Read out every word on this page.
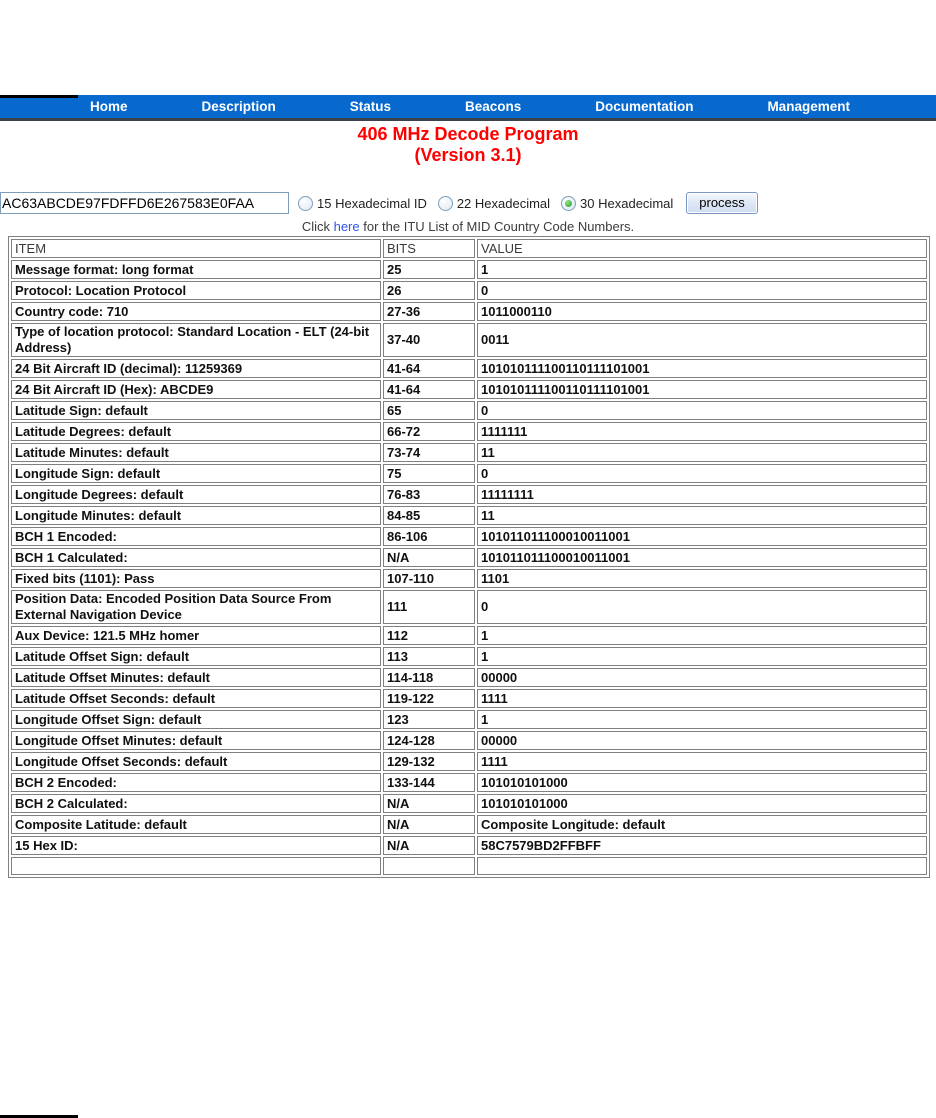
Home	Description	Status	Beacons	Documentation	Management
406 MHz Decode Program
(Version 3.1)
AC63ABCDE97FDFFD6E267583E0FAA
15 Hexadecimal ID 22 Hexadecimal 30 Hexadecimal	process
Click here for the ITU List of MID Country Code Numbers.
ITEM	BITS	VALUE
Message format: long format	25	1
Protocol: Location Protocol	26	0
Country code: 710	27-36	1011000110
Type of location protocol: Standard Location - ELT (24-bit Address)	37-40	0011
24 Bit Aircraft ID (decimal): 11259369	41-64	101010111100110111101001
24 Bit Aircraft ID (Hex): ABCDE9	41-64	101010111100110111101001
Latitude Sign: default	65	0
Latitude Degrees: default	66-72	1111111
Latitude Minutes: default	73-74	11
Longitude Sign: default	75	0
Longitude Degrees: default	76-83	11111111
Longitude Minutes: default	84-85	11
BCH 1 Encoded:	86-106	101011011100010011001
BCH 1 Calculated:	N/A	101011011100010011001
Fixed bits (1101): Pass	107-110	1101
Position Data: Encoded Position Data Source From External Navigation Device	111	0
Aux Device: 121.5 MHz homer	112	1
Latitude Offset Sign: default	113	1
Latitude Offset Minutes: default	114-118	00000
Latitude Offset Seconds: default	119-122	1111
Longitude Offset Sign: default	123	1
Longitude Offset Minutes: default	124-128	00000
Longitude Offset Seconds: default	129-132	1111
BCH 2 Encoded:	133-144	101010101000
BCH 2 Calculated:	N/A	101010101000
Composite Latitude: default	N/A	Composite Longitude: default
15 Hex ID:	N/A	58C7579BD2FFBFF
